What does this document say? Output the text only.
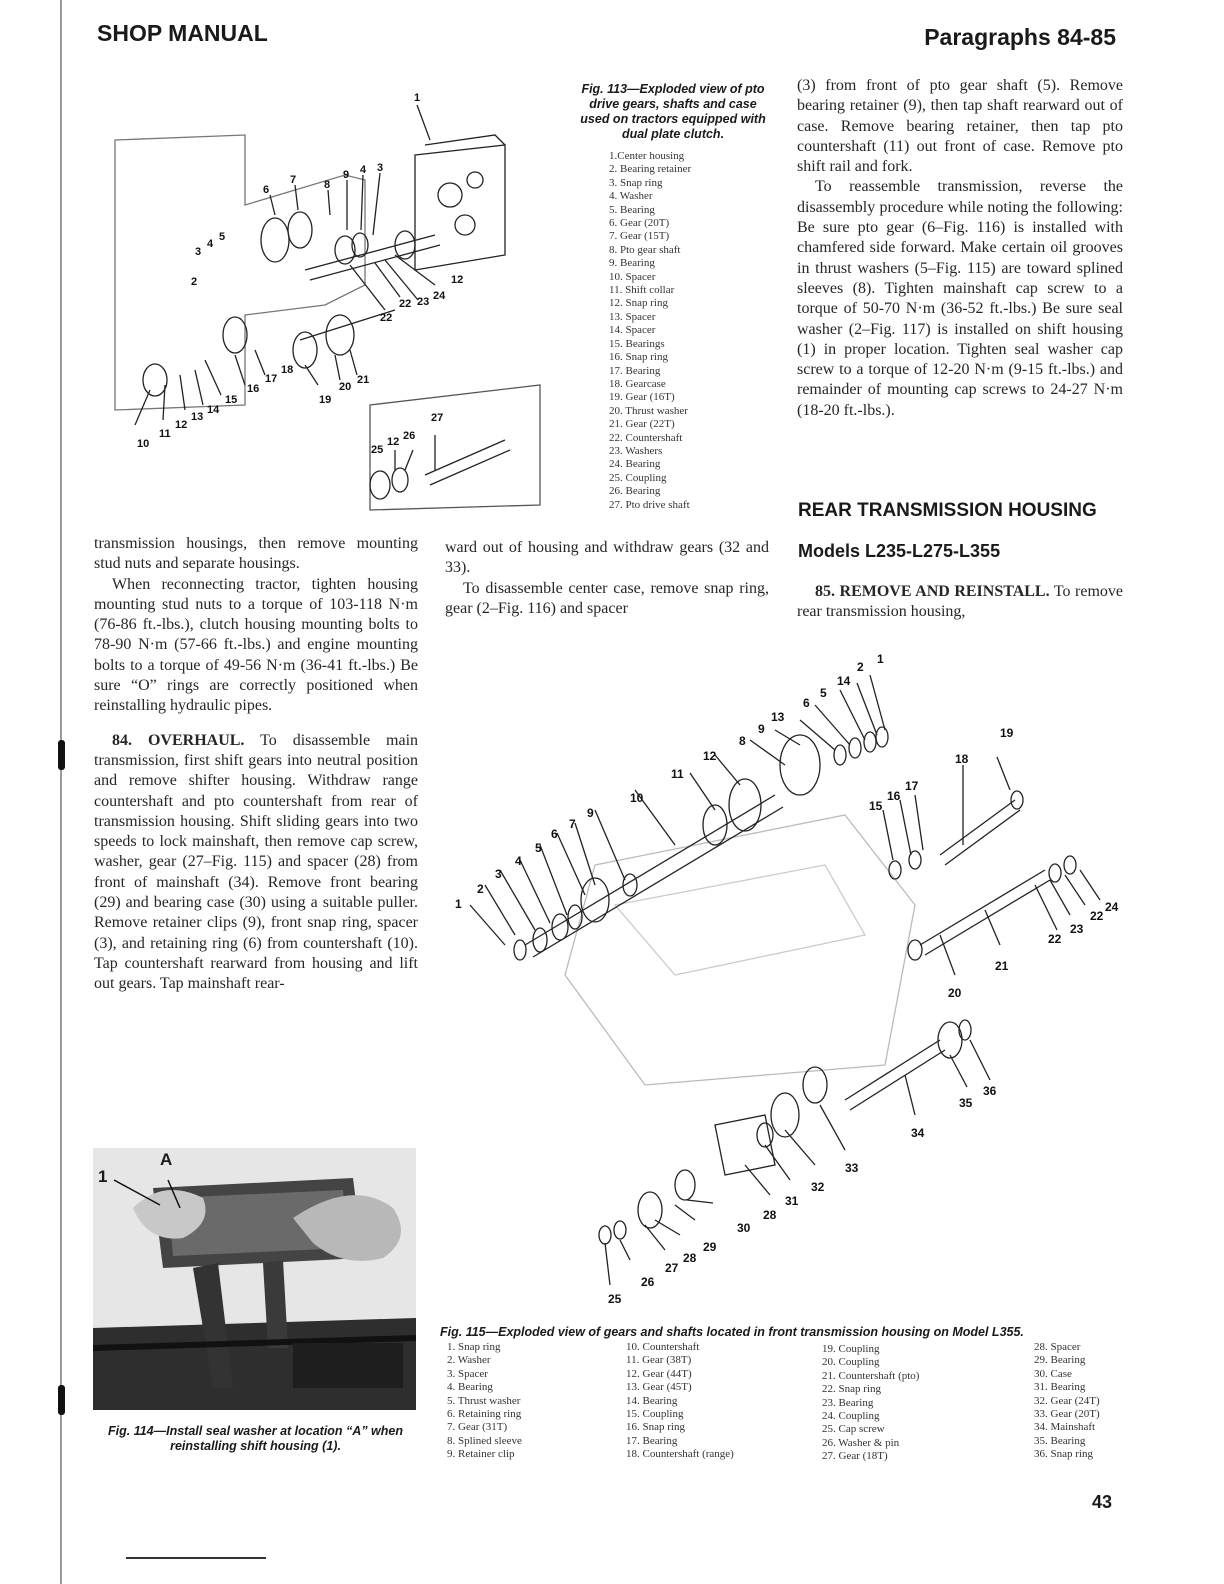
SHOP MANUAL	Paragraphs 84-85
1
6
7	8
9 4 3
3
4
5
2	12
24
23
22
22
10
11
12
13
14
15
16
17
18
19
20
21
25
12 26
27
Fig. 113—Exploded view of pto drive gears, shafts and case used on tractors equipped with dual plate clutch.
1.Center housing
2. Bearing retainer
3. Snap ring
4. Washer
5. Bearing
6. Gear (20T)
7. Gear (15T)
8. Pto gear shaft
9. Bearing
10. Spacer
11. Shift collar
12. Snap ring
13. Spacer
14. Spacer
15. Bearings
16. Snap ring
17. Bearing
18. Gearcase
19. Gear (16T)
20. Thrust washer
21. Gear (22T)
22. Countershaft
23. Washers
24. Bearing
25. Coupling
26. Bearing
27. Pto drive shaft

(3) from front of pto gear shaft (5). Remove bearing retainer (9), then tap shaft rearward out of case. Remove bearing retainer, then tap pto countershaft (11) out front of case. Remove pto shift rail and fork.

To reassemble transmission, reverse the disassembly procedure while noting the following: Be sure pto gear (6–Fig. 116) is installed with chamfered side forward. Make certain oil grooves in thrust washers (5–Fig. 115) are toward splined sleeves (8). Tighten mainshaft cap screw to a torque of 50-70 N·m (36-52 ft.-lbs.) Be sure seal washer (2–Fig. 117) is installed on shift housing (1) in proper location. Tighten seal washer cap screw to a torque of 12-20 N·m (9-15 ft.-lbs.) and remainder of mounting cap screws to 24-27 N·m (18-20 ft.-lbs.).

REAR TRANSMISSION HOUSING
Models L235-L275-L355

85. REMOVE AND REINSTALL. To remove rear transmission housing,

transmission housings, then remove mounting stud nuts and separate housings.

When reconnecting tractor, tighten housing mounting stud nuts to a torque of 103-118 N·m (76-86 ft.-lbs.), clutch housing mounting bolts to 78-90 N·m (57-66 ft.-lbs.) and engine mounting bolts to a torque of 49-56 N·m (36-41 ft.-lbs.) Be sure “O” rings are correctly positioned when reinstalling hydraulic pipes.

84. OVERHAUL. To disassemble main transmission, first shift gears into neutral position and remove shifter housing. Withdraw range countershaft and pto countershaft from rear of transmission housing. Shift sliding gears into two speeds to lock mainshaft, then remove cap screw, washer, gear (27–Fig. 115) and spacer (28) from front of mainshaft (34). Remove front bearing (29) and bearing case (30) using a suitable puller. Remove retainer clips (9), front snap ring, spacer (3), and retaining ring (6) from countershaft (10). Tap countershaft rearward from housing and lift out gears. Tap mainshaft rear-

ward out of housing and withdraw gears (32 and 33).

To disassemble center case, remove snap ring, gear (2–Fig. 116) and spacer

1
A
Fig. 114—Install seal washer at location “A” when reinstalling shift housing (1).
1
2
3
4
5
6
7
9
10
11
12
8
9
13
6
5
14
2
1
19
18
15
16
17
24
22
23
22
21
20
36
35
34
33
32
31
28
30
29
28
27
26
25
Fig. 115—Exploded view of gears and shafts located in front transmission housing on Model L355.
1. Snap ring
2. Washer
3. Spacer
4. Bearing
5. Thrust washer
6. Retaining ring
7. Gear (31T)
8. Splined sleeve
9. Retainer clip
10. Countershaft
11. Gear (38T)
12. Gear (44T)
13. Gear (45T)
14. Bearing
15. Coupling
16. Snap ring
17. Bearing
18. Countershaft (range)
19. Coupling
20. Coupling
21. Countershaft (pto)
22. Snap ring
23. Bearing
24. Coupling
25. Cap screw
26. Washer & pin
27. Gear (18T)
28. Spacer
29. Bearing
30. Case
31. Bearing
32. Gear (24T)
33. Gear (20T)
34. Mainshaft
35. Bearing
36. Snap ring
43
